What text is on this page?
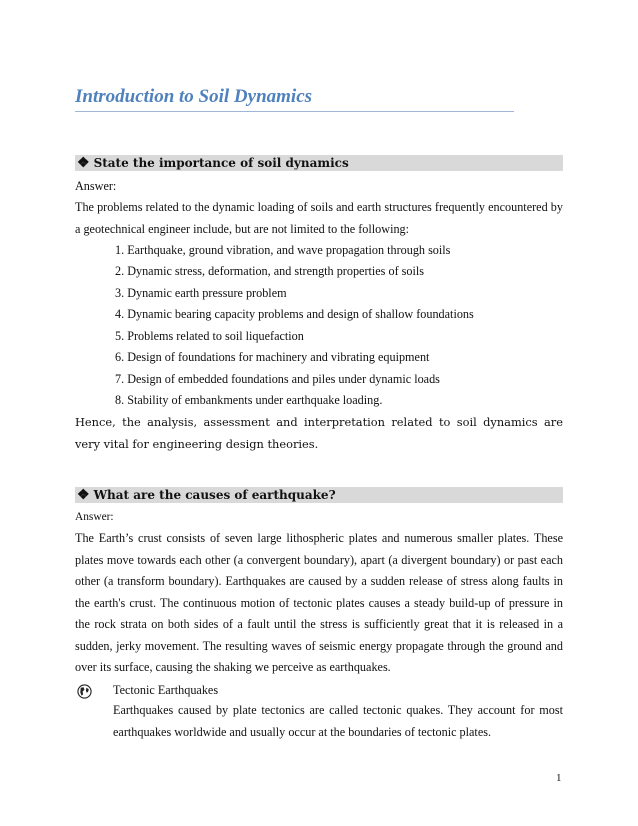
Introduction to Soil Dynamics
❖ State the importance of soil dynamics
Answer:
The problems related to the dynamic loading of soils and earth structures frequently encountered by a geotechnical engineer include, but are not limited to the following:
1. Earthquake, ground vibration, and wave propagation through soils
2. Dynamic stress, deformation, and strength properties of soils
3. Dynamic earth pressure problem
4. Dynamic bearing capacity problems and design of shallow foundations
5. Problems related to soil liquefaction
6. Design of foundations for machinery and vibrating equipment
7. Design of embedded foundations and piles under dynamic loads
8. Stability of embankments under earthquake loading.
Hence, the analysis, assessment and interpretation related to soil dynamics are very vital for engineering design theories.
❖ What are the causes of earthquake?
Answer:
The Earth’s crust consists of seven large lithospheric plates and numerous smaller plates. These plates move towards each other (a convergent boundary), apart (a divergent boundary) or past each other (a transform boundary). Earthquakes are caused by a sudden release of stress along faults in the earth's crust. The continuous motion of tectonic plates causes a steady build-up of pressure in the rock strata on both sides of a fault until the stress is sufficiently great that it is released in a sudden, jerky movement. The resulting waves of seismic energy propagate through the ground and over its surface, causing the shaking we perceive as earthquakes.
Tectonic Earthquakes
Earthquakes caused by plate tectonics are called tectonic quakes. They account for most earthquakes worldwide and usually occur at the boundaries of tectonic plates.
1
